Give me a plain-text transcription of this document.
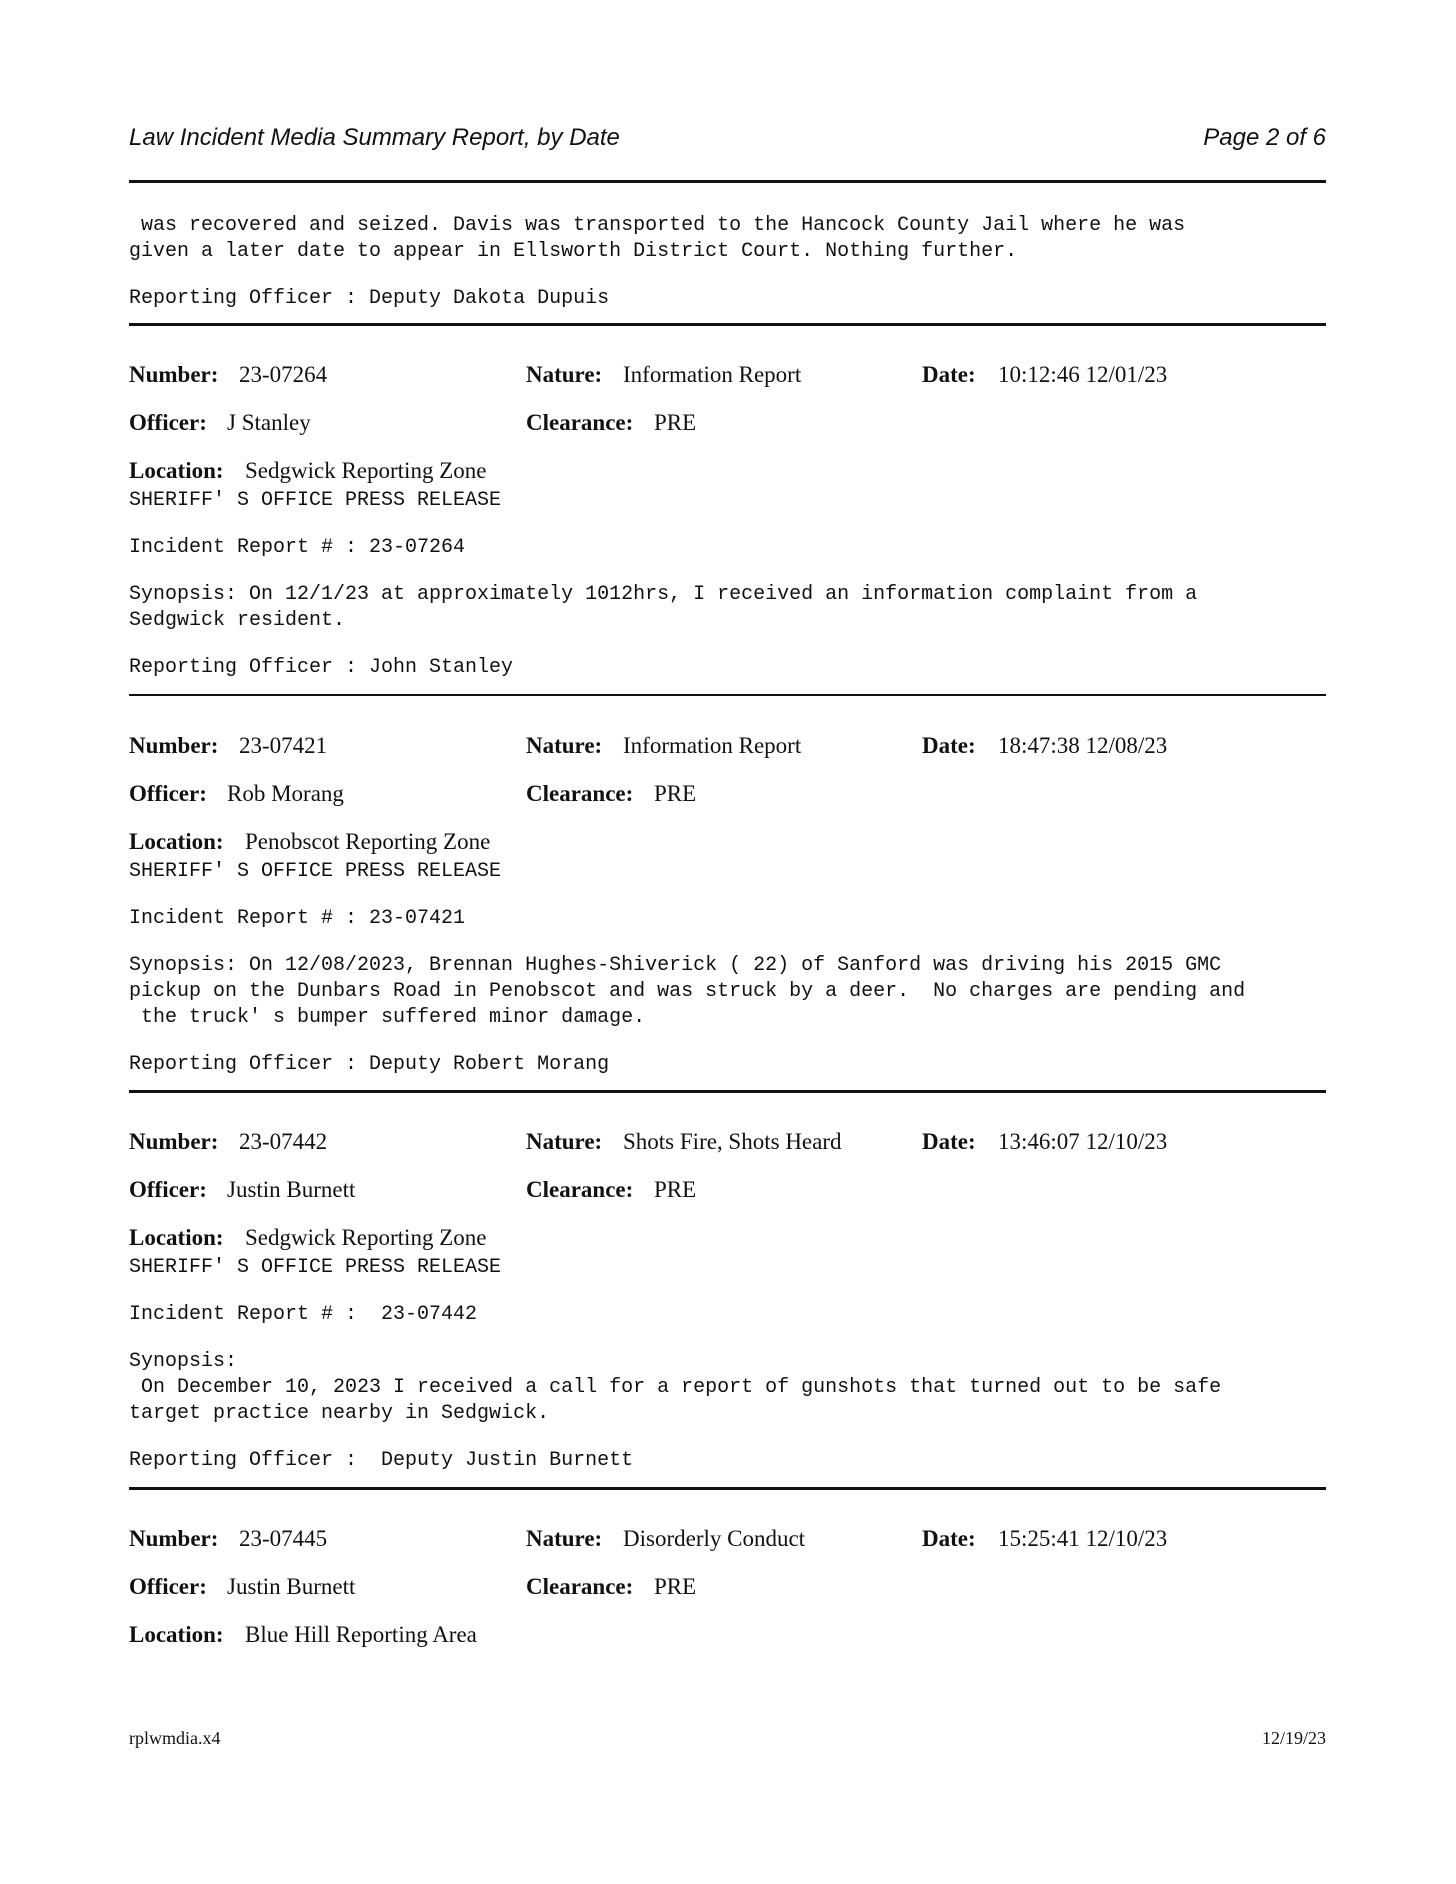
Law Incident Media Summary Report, by Date	Page 2 of 6
was recovered and seized. Davis was transported to the Hancock County Jail where he was
given a later date to appear in Ellsworth District Court. Nothing further.
Reporting Officer : Deputy Dakota Dupuis
Number: 23-07264	Nature: Information Report	Date: 10:12:46 12/01/23
Officer: J Stanley	Clearance: PRE
Location: Sedgwick Reporting Zone
SHERIFF' S OFFICE PRESS RELEASE
Incident Report # : 23-07264
Synopsis: On 12/1/23 at approximately 1012hrs, I received an information complaint from a
Sedgwick resident.
Reporting Officer : John Stanley
Number: 23-07421	Nature: Information Report	Date: 18:47:38 12/08/23
Officer: Rob Morang	Clearance: PRE
Location: Penobscot Reporting Zone
SHERIFF' S OFFICE PRESS RELEASE
Incident Report # : 23-07421
Synopsis: On 12/08/2023, Brennan Hughes-Shiverick ( 22) of Sanford was driving his 2015 GMC
pickup on the Dunbars Road in Penobscot and was struck by a deer.  No charges are pending and
the truck' s bumper suffered minor damage.
Reporting Officer : Deputy Robert Morang
Number: 23-07442	Nature: Shots Fire, Shots Heard	Date: 13:46:07 12/10/23
Officer: Justin Burnett	Clearance: PRE
Location: Sedgwick Reporting Zone
SHERIFF' S OFFICE PRESS RELEASE
Incident Report # :  23-07442
Synopsis:
On December 10, 2023 I received a call for a report of gunshots that turned out to be safe
target practice nearby in Sedgwick.
Reporting Officer :  Deputy Justin Burnett
Number: 23-07445	Nature: Disorderly Conduct	Date: 15:25:41 12/10/23
Officer: Justin Burnett	Clearance: PRE
Location: Blue Hill Reporting Area
rplwmdia.x4	12/19/23
